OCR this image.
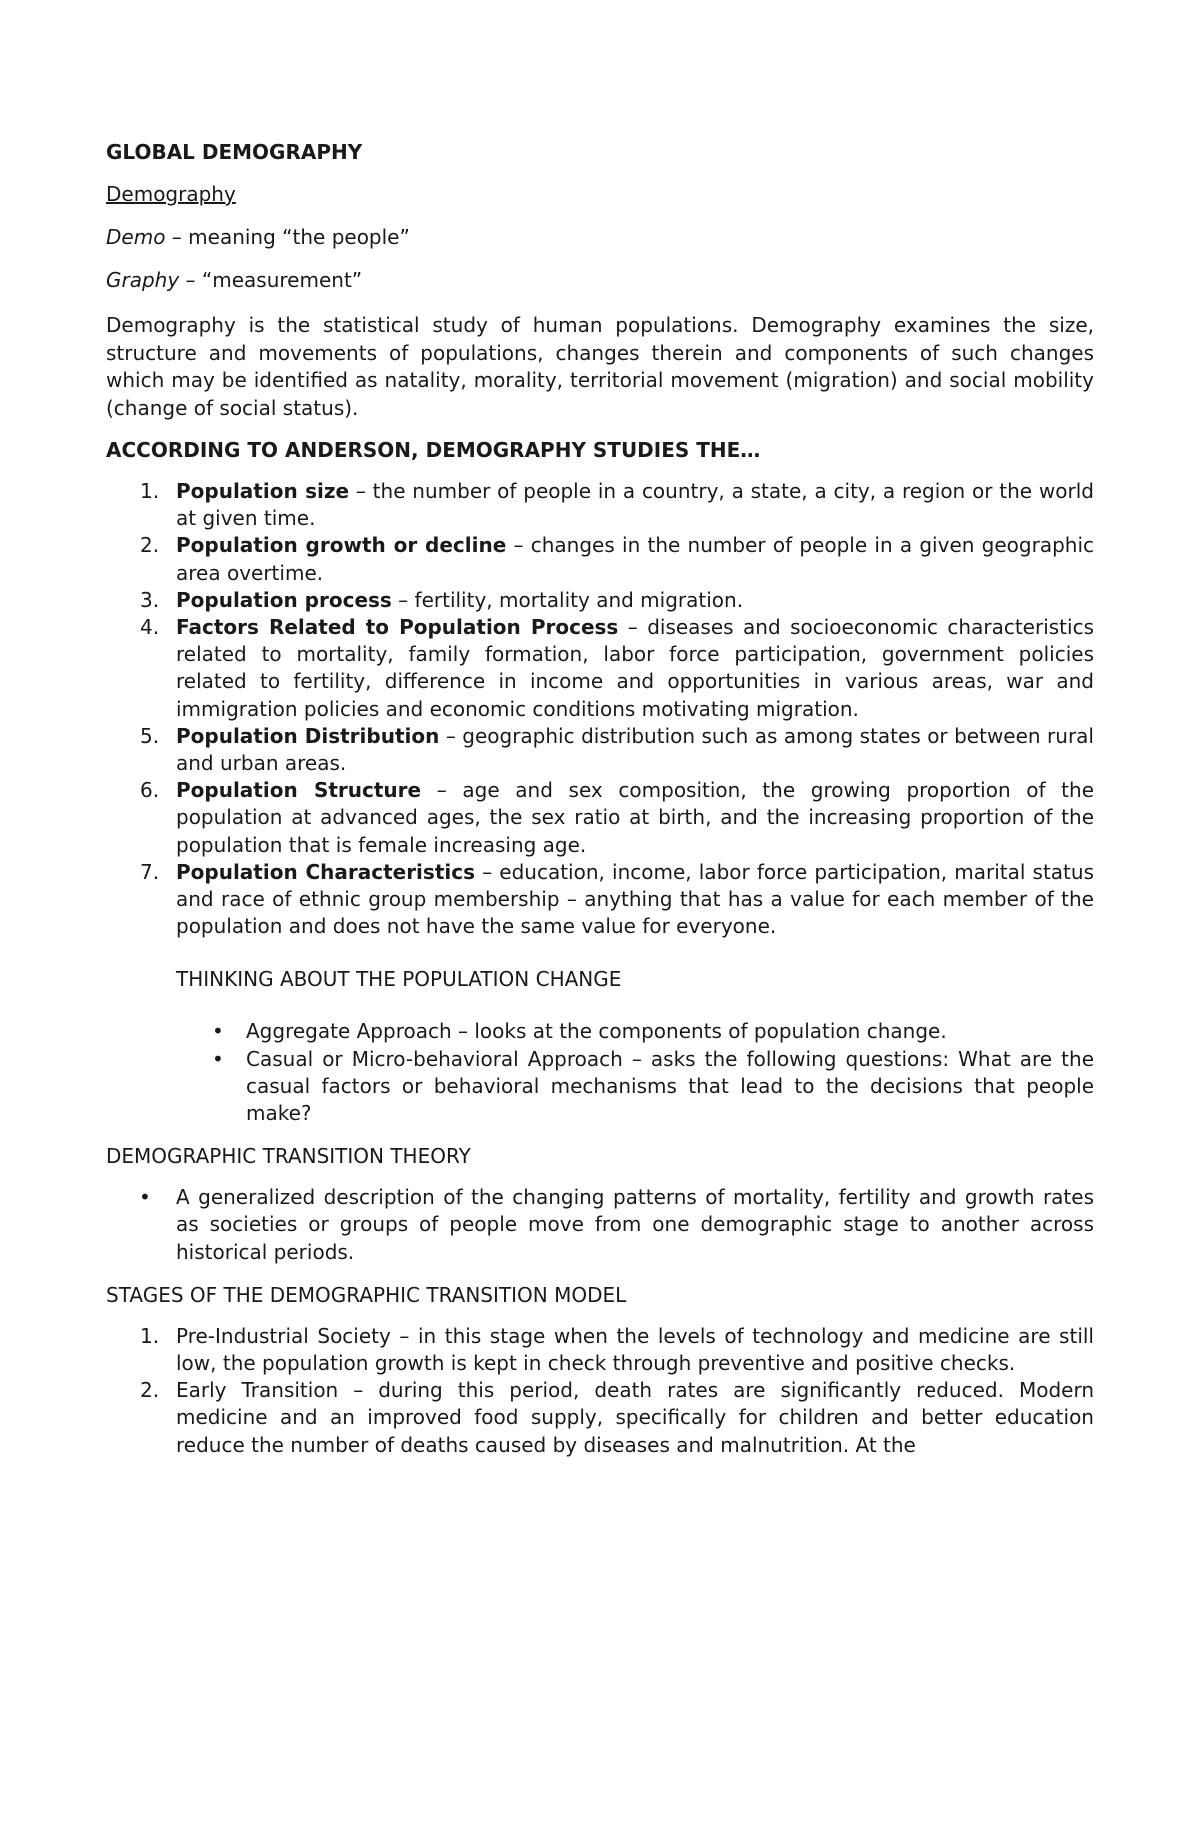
GLOBAL DEMOGRAPHY

Demography

Demo – meaning “the people”

Graphy – “measurement”

Demography is the statistical study of human populations. Demography examines the size, structure and movements of populations, changes therein and components of such changes which may be identified as natality, morality, territorial movement (migration) and social mobility (change of social status).

ACCORDING TO ANDERSON, DEMOGRAPHY STUDIES THE…

1. Population size – the number of people in a country, a state, a city, a region or the world at given time.
2. Population growth or decline – changes in the number of people in a given geographic area overtime.
3. Population process – fertility, mortality and migration.
4. Factors Related to Population Process – diseases and socioeconomic characteristics related to mortality, family formation, labor force participation, government policies related to fertility, difference in income and opportunities in various areas, war and immigration policies and economic conditions motivating migration.
5. Population Distribution – geographic distribution such as among states or between rural and urban areas.
6. Population Structure – age and sex composition, the growing proportion of the population at advanced ages, the sex ratio at birth, and the increasing proportion of the population that is female increasing age.
7. Population Characteristics – education, income, labor force participation, marital status and race of ethnic group membership – anything that has a value for each member of the population and does not have the same value for everyone.

THINKING ABOUT THE POPULATION CHANGE

•	Aggregate Approach – looks at the components of population change.
•	Casual or Micro-behavioral Approach – asks the following questions: What are the casual factors or behavioral mechanisms that lead to the decisions that people make?

DEMOGRAPHIC TRANSITION THEORY

• A generalized description of the changing patterns of mortality, fertility and growth rates as societies or groups of people move from one demographic stage to another across historical periods.

STAGES OF THE DEMOGRAPHIC TRANSITION MODEL

1. Pre-Industrial Society – in this stage when the levels of technology and medicine are still low, the population growth is kept in check through preventive and positive checks.
2. Early Transition – during this period, death rates are significantly reduced. Modern medicine and an improved food supply, specifically for children and better education reduce the number of deaths caused by diseases and malnutrition. At the
